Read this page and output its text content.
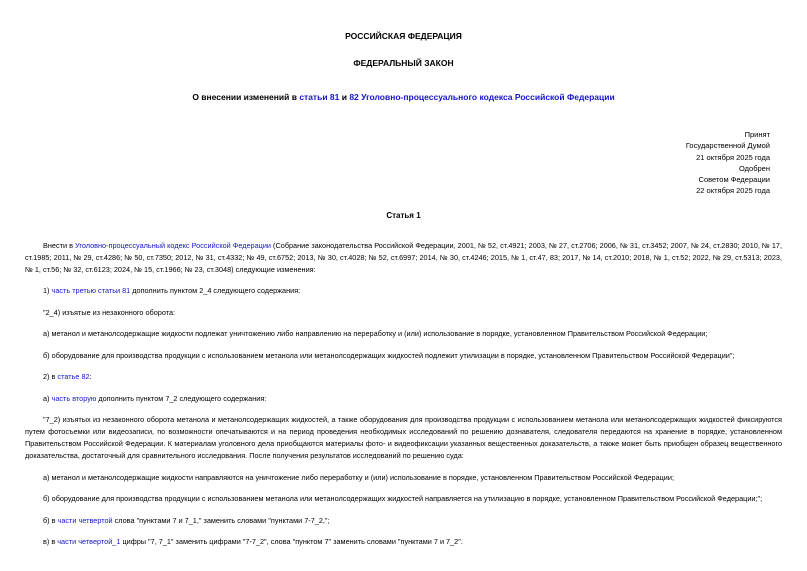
РОССИЙСКАЯ ФЕДЕРАЦИЯ
ФЕДЕРАЛЬНЫЙ ЗАКОН
О внесении изменений в статьи 81 и 82 Уголовно-процессуального кодекса Российской Федерации
Принят
Государственной Думой
21 октября 2025 года
Одобрен
Советом Федерации
22 октября 2025 года
Статья 1

Внести в Уголовно-процессуальный кодекс Российской Федерации (Собрание законодательства Российской Федерации, 2001, № 52, ст.4921; 2003, № 27, ст.2706; 2006, № 31, ст.3452; 2007, № 24, ст.2830; 2010, № 17, ст.1985; 2011, № 29, ст.4286; № 50, ст.7350; 2012, № 31, ст.4332; № 49, ст.6752; 2013, № 30, ст.4028; № 52, ст.6997; 2014, № 30, ст.4246; 2015, № 1, ст.47, 83; 2017, № 14, ст.2010; 2018, № 1, ст.52; 2022, № 29, ст.5313; 2023, № 1, ст.56; № 32, ст.6123; 2024, № 15, ст.1966; № 23, ст.3048) следующие изменения:

1) часть третью статьи 81 дополнить пунктом 2_4 следующего содержания:

"2_4) изъятые из незаконного оборота:

а) метанол и метанолсодержащие жидкости подлежат уничтожению либо направлению на переработку и (или) использование в порядке, установленном Правительством Российской Федерации;

б) оборудование для производства продукции с использованием метанола или метанолсодержащих жидкостей подлежит утилизации в порядке, установленном Правительством Российской Федерации";

2) в статье 82:

а) часть вторую дополнить пунктом 7_2 следующего содержания:

"7_2) изъятых из незаконного оборота метанола и метанолсодержащих жидкостей, а также оборудования для производства продукции с использованием метанола или метанолсодержащих жидкостей фиксируются путем фотосъемки или видеозаписи, по возможности опечатываются и на период проведения необходимых исследований по решению дознавателя, следователя передаются на хранение в порядке, установленном Правительством Российской Федерации. К материалам уголовного дела приобщаются материалы фото- и видеофиксации указанных вещественных доказательств, а также может быть приобщен образец вещественного доказательства, достаточный для сравнительного исследования. После получения результатов исследований по решению суда:

а) метанол и метанолсодержащие жидкости направляются на уничтожение либо переработку и (или) использование в порядке, установленном Правительством Российской Федерации;

б) оборудование для производства продукции с использованием метанола или метанолсодержащих жидкостей направляется на утилизацию в порядке, установленном Правительством Российской Федерации;";

б) в части четвертой слова "пунктами 7 и 7_1," заменить словами "пунктами 7-7_2,";

в) в части четвертой_1 цифры "7, 7_1" заменить цифрами "7-7_2", слова "пунктом 7" заменить словами "пунктами 7 и 7_2".
